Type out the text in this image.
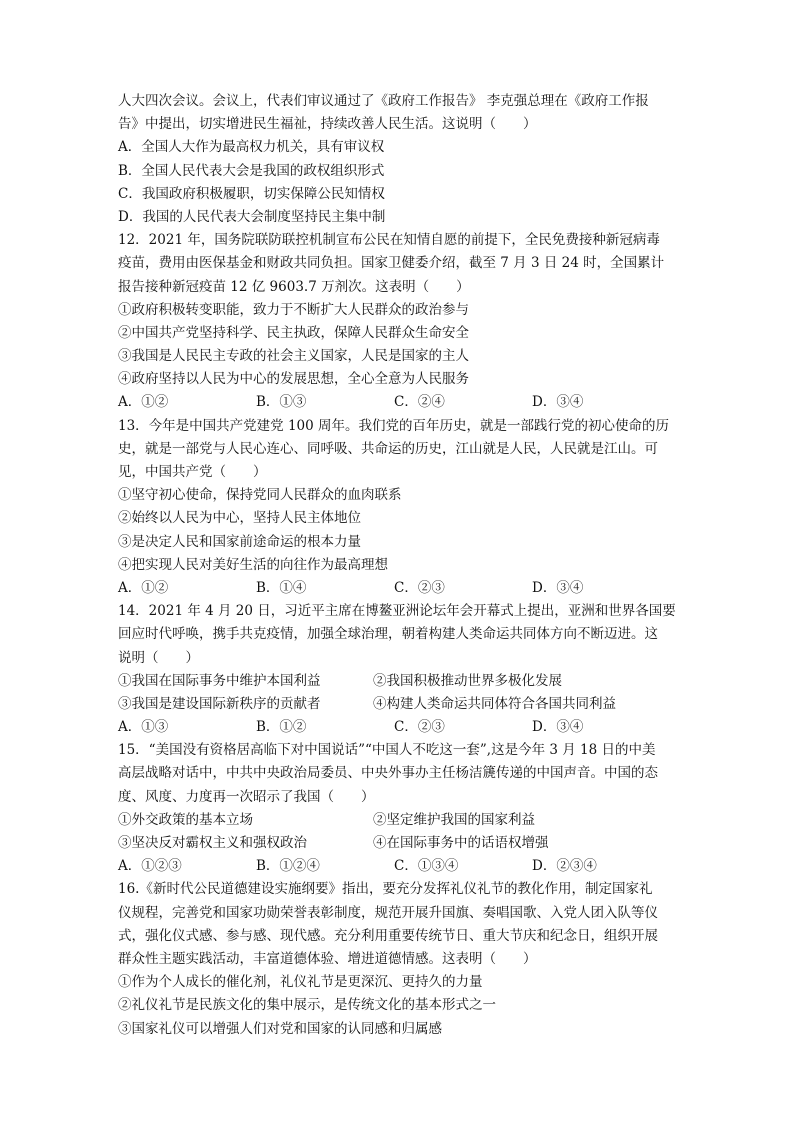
人大四次会议。会议上，代表们审议通过了《政府工作报告》 李克强总理在《政府工作报
告》中提出，切实增进民生福祉，持续改善人民生活。这说明（　　）
A．全国人大作为最高权力机关，具有审议权
B．全国人民代表大会是我国的政权组织形式
C．我国政府积极履职，切实保障公民知情权
D．我国的人民代表大会制度坚持民主集中制
12．2021 年，国务院联防联控机制宣布公民在知情自愿的前提下，全民免费接种新冠病毒
疫苗，费用由医保基金和财政共同负担。国家卫健委介绍，截至 7 月 3 日 24 时，全国累计
报告接种新冠疫苗 12 亿 9603.7 万剂次。这表明（　　）
①政府积极转变职能，致力于不断扩大人民群众的政治参与
②中国共产党坚持科学、民主执政，保障人民群众生命安全
③我国是人民民主专政的社会主义国家，人民是国家的主人
④政府坚持以人民为中心的发展思想，全心全意为人民服务
A．①②	B．①③	C．②④	D．③④
13．今年是中国共产党建党 100 周年。我们党的百年历史，就是一部践行党的初心使命的历
史，就是一部党与人民心连心、同呼吸、共命运的历史，江山就是人民，人民就是江山。可
见，中国共产党（　　）
①坚守初心使命，保持党同人民群众的血肉联系
②始终以人民为中心，坚持人民主体地位
③是决定人民和国家前途命运的根本力量
④把实现人民对美好生活的向往作为最高理想
A．①②	B．①④	C．②③	D．③④
14．2021 年 4 月 20 日，习近平主席在博鳌亚洲论坛年会开幕式上提出，亚洲和世界各国要
回应时代呼唤，携手共克疫情，加强全球治理，朝着构建人类命运共同体方向不断迈进。这
说明（　　）
①我国在国际事务中维护本国利益	②我国积极推动世界多极化发展
③我国是建设国际新秩序的贡献者	④构建人类命运共同体符合各国共同利益
A．①③	B．①②	C．②③	D．③④
15．“美国没有资格居高临下对中国说话”“中国人不吃这一套”,这是今年 3 月 18 日的中美
高层战略对话中，中共中央政治局委员、中央外事办主任杨洁篪传递的中国声音。中国的态
度、风度、力度再一次昭示了我国（　　）
①外交政策的基本立场	②坚定维护我国的国家利益
③坚决反对霸权主义和强权政治	④在国际事务中的话语权增强
A．①②③	B．①②④	C．①③④	D．②③④
16.《新时代公民道德建设实施纲要》指出，要充分发挥礼仪礼节的教化作用，制定国家礼
仪规程，完善党和国家功勋荣誉表彰制度，规范开展升国旗、奏唱国歌、入党人团入队等仪
式，强化仪式感、参与感、现代感。充分利用重要传统节日、重大节庆和纪念日，组织开展
群众性主题实践活动，丰富道德体验、增进道德情感。这表明（　　）
①作为个人成长的催化剂，礼仪礼节是更深沉、更持久的力量
②礼仪礼节是民族文化的集中展示，是传统文化的基本形式之一
③国家礼仪可以增强人们对党和国家的认同感和归属感
